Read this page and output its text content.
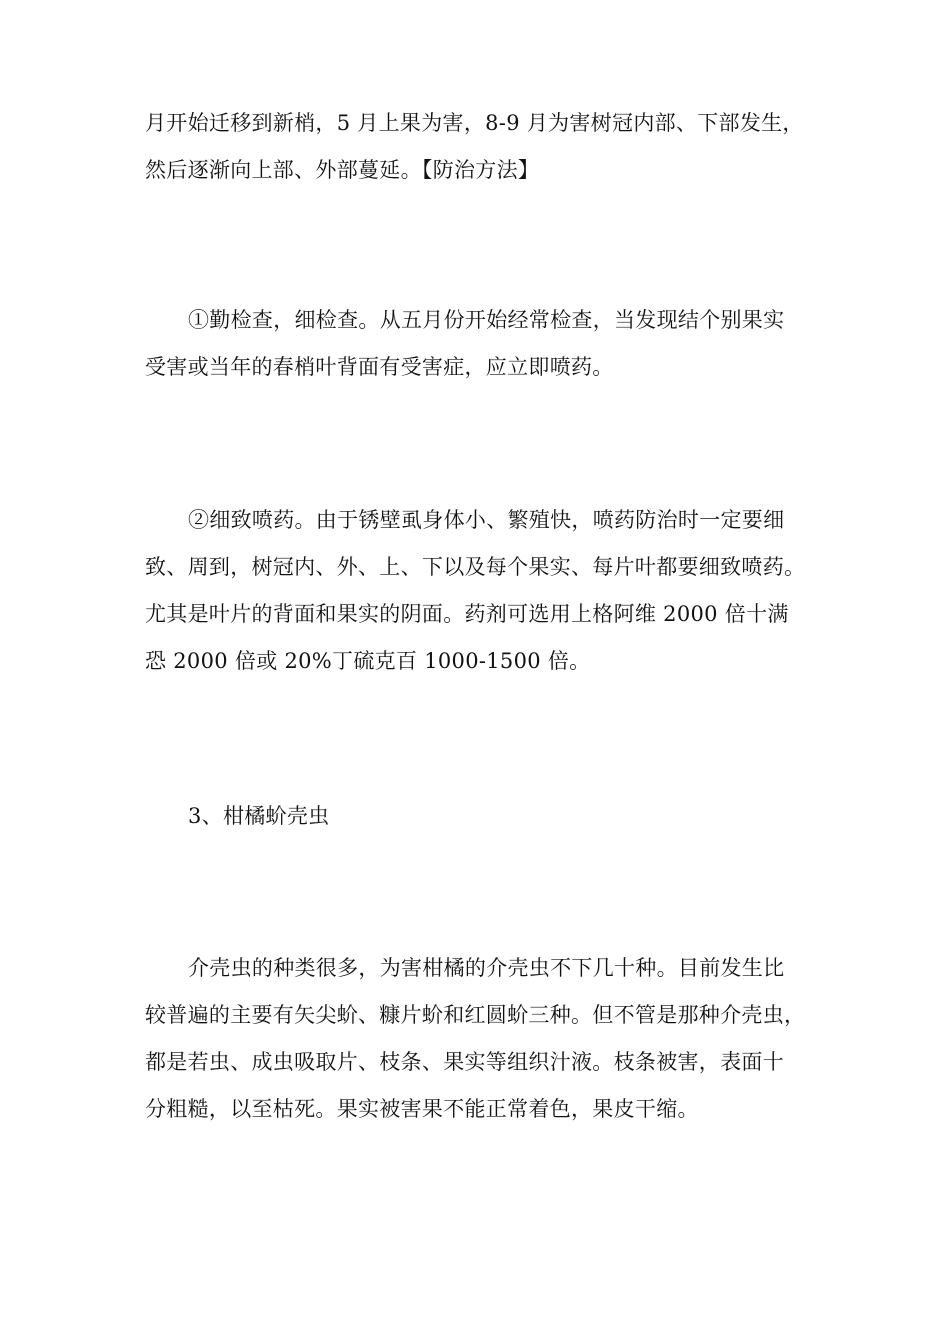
月开始迁移到新梢，5 月上果为害，8-9 月为害树冠内部、下部发生，
然后逐渐向上部、外部蔓延。【防治方法】
①勤检查，细检查。从五月份开始经常检查，当发现结个别果实
受害或当年的春梢叶背面有受害症，应立即喷药。
②细致喷药。由于锈壁虱身体小、繁殖快，喷药防治时一定要细
致、周到，树冠内、外、上、下以及每个果实、每片叶都要细致喷药。
尤其是叶片的背面和果实的阴面。药剂可选用上格阿维 2000 倍十满
恐 2000 倍或 20%丁硫克百 1000-1500 倍。
3、柑橘蚧壳虫
介壳虫的种类很多，为害柑橘的介壳虫不下几十种。目前发生比
较普遍的主要有矢尖蚧、糠片蚧和红圆蚧三种。但不管是那种介壳虫，
都是若虫、成虫吸取片、枝条、果实等组织汁液。枝条被害，表面十
分粗糙，以至枯死。果实被害果不能正常着色，果皮干缩。
